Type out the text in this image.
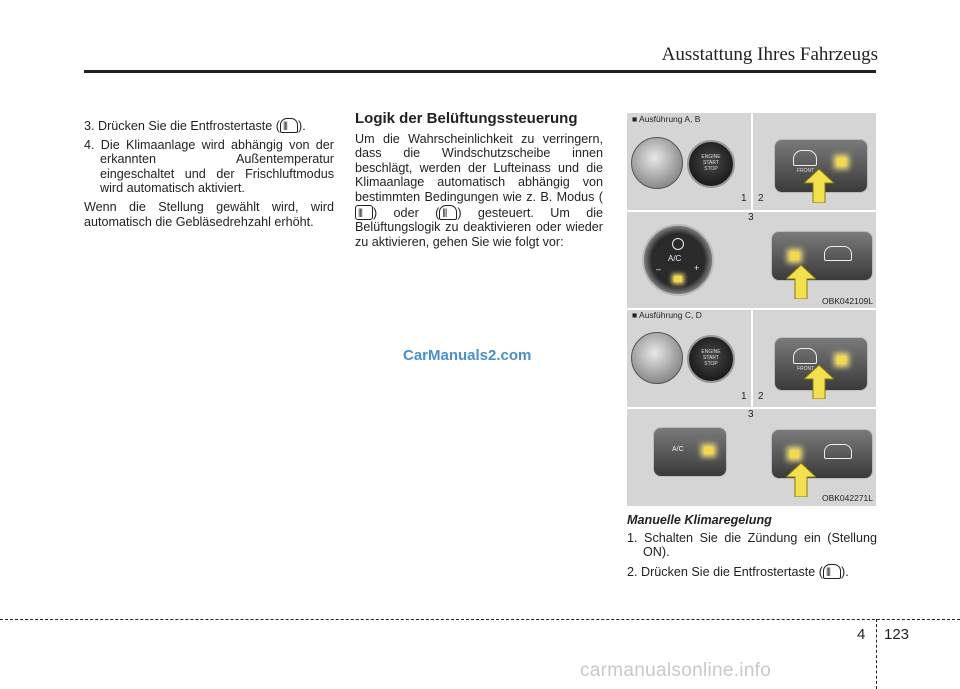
Ausstattung Ihres Fahrzeugs

3. Drücken Sie die Entfrostertaste ( ||| ).

4. Die Klimaanlage wird abhängig von der erkannten Außentemperatur eingeschaltet und der Frischluftmodus wird automatisch aktiviert.

Wenn die Stellung gewählt wird, wird automatisch die Gebläsedrehzahl erhöht.

Logik der Belüftungssteuerung

Um die Wahrscheinlichkeit zu verringern, dass die Windschutzscheibe innen beschlägt, werden der Lufteinass und die Klimaanlage automatisch abhängig von bestimmten Bedingungen wie z. B. Modus (|||) oder ( ||| ) gesteuert. Um die Belüftungslogik zu deaktivieren oder wieder zu aktivieren, gehen Sie wie folgt vor:

■ Ausführung A, B
■ Ausführung C, D
ENGINE
START
STOP
1 2
FRONT
3
A/C
–	+
OBK042109L
ENGINE
START
STOP
1 2
FRONT
3
A/C
OBK042271L
Manuelle Klimaregelung

1. Schalten Sie die Zündung ein (Stellung ON).

2. Drücken Sie die Entfrostertaste ( ||| ).

CarManuals2.com
4 123
carmanualsonline.info
